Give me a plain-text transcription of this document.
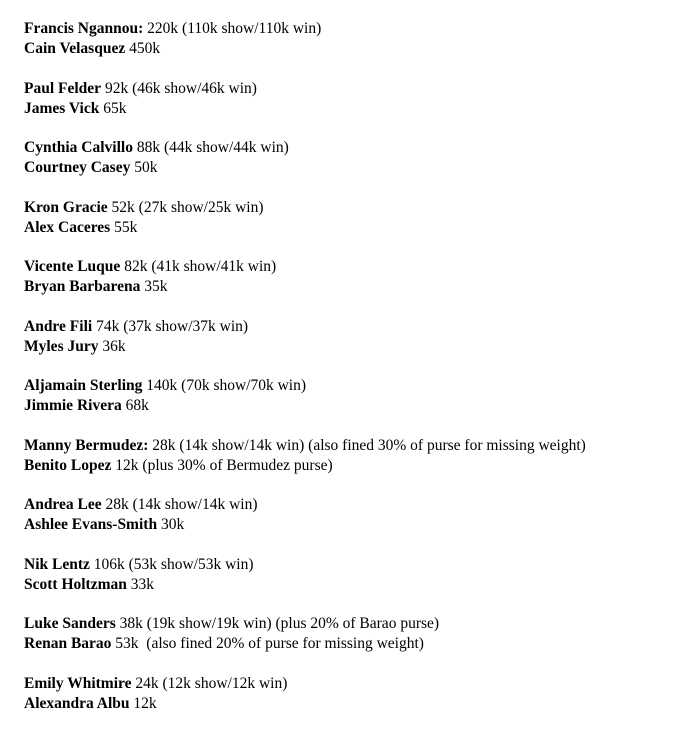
Francis Ngannou: 220k (110k show/110k win)
Cain Velasquez 450k
Paul Felder 92k (46k show/46k win)
James Vick 65k
Cynthia Calvillo 88k (44k show/44k win)
Courtney Casey 50k
Kron Gracie 52k (27k show/25k win)
Alex Caceres 55k
Vicente Luque 82k (41k show/41k win)
Bryan Barbarena 35k
Andre Fili 74k (37k show/37k win)
Myles Jury 36k
Aljamain Sterling 140k (70k show/70k win)
Jimmie Rivera 68k
Manny Bermudez: 28k (14k show/14k win) (also fined 30% of purse for missing weight)
Benito Lopez 12k (plus 30% of Bermudez purse)
Andrea Lee 28k (14k show/14k win)
Ashlee Evans-Smith 30k
Nik Lentz 106k (53k show/53k win)
Scott Holtzman 33k
Luke Sanders 38k (19k show/19k win) (plus 20% of Barao purse)
Renan Barao 53k  (also fined 20% of purse for missing weight)
Emily Whitmire 24k (12k show/12k win)
Alexandra Albu 12k
